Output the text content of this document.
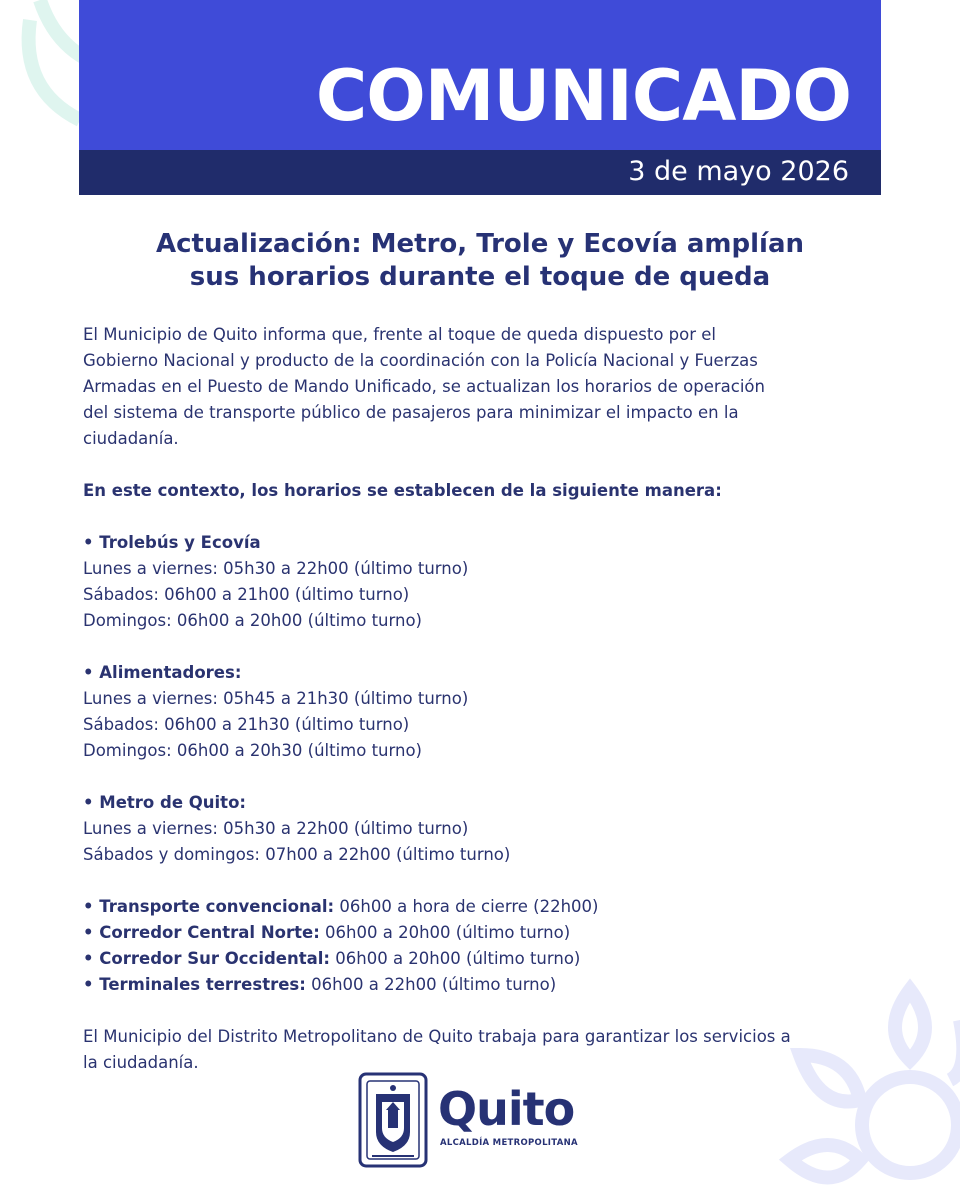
COMUNICADO
3 de mayo 2026
Actualización: Metro, Trole y Ecovía amplían
sus horarios durante el toque de queda
El Municipio de Quito informa que, frente al toque de queda dispuesto por el
Gobierno Nacional y producto de la coordinación con la Policía Nacional y Fuerzas
Armadas en el Puesto de Mando Unificado, se actualizan los horarios de operación
del sistema de transporte público de pasajeros para minimizar el impacto en la
ciudadanía.
En este contexto, los horarios se establecen de la siguiente manera:
• Trolebús y Ecovía
Lunes a viernes: 05h30 a 22h00 (último turno)
Sábados: 06h00 a 21h00 (último turno)
Domingos: 06h00 a 20h00 (último turno)
• Alimentadores:
Lunes a viernes: 05h45 a 21h30 (último turno)
Sábados: 06h00 a 21h30 (último turno)
Domingos: 06h00 a 20h30 (último turno)
• Metro de Quito:
Lunes a viernes: 05h30 a 22h00 (último turno)
Sábados y domingos: 07h00 a 22h00 (último turno)
• Transporte convencional: 06h00 a hora de cierre (22h00)
• Corredor Central Norte: 06h00 a 20h00 (último turno)
• Corredor Sur Occidental: 06h00 a 20h00 (último turno)
• Terminales terrestres: 06h00 a 22h00 (último turno)
El Municipio del Distrito Metropolitano de Quito trabaja para garantizar los servicios a
la ciudadanía.
Quito
ALCALDÍA METROPOLITANA
